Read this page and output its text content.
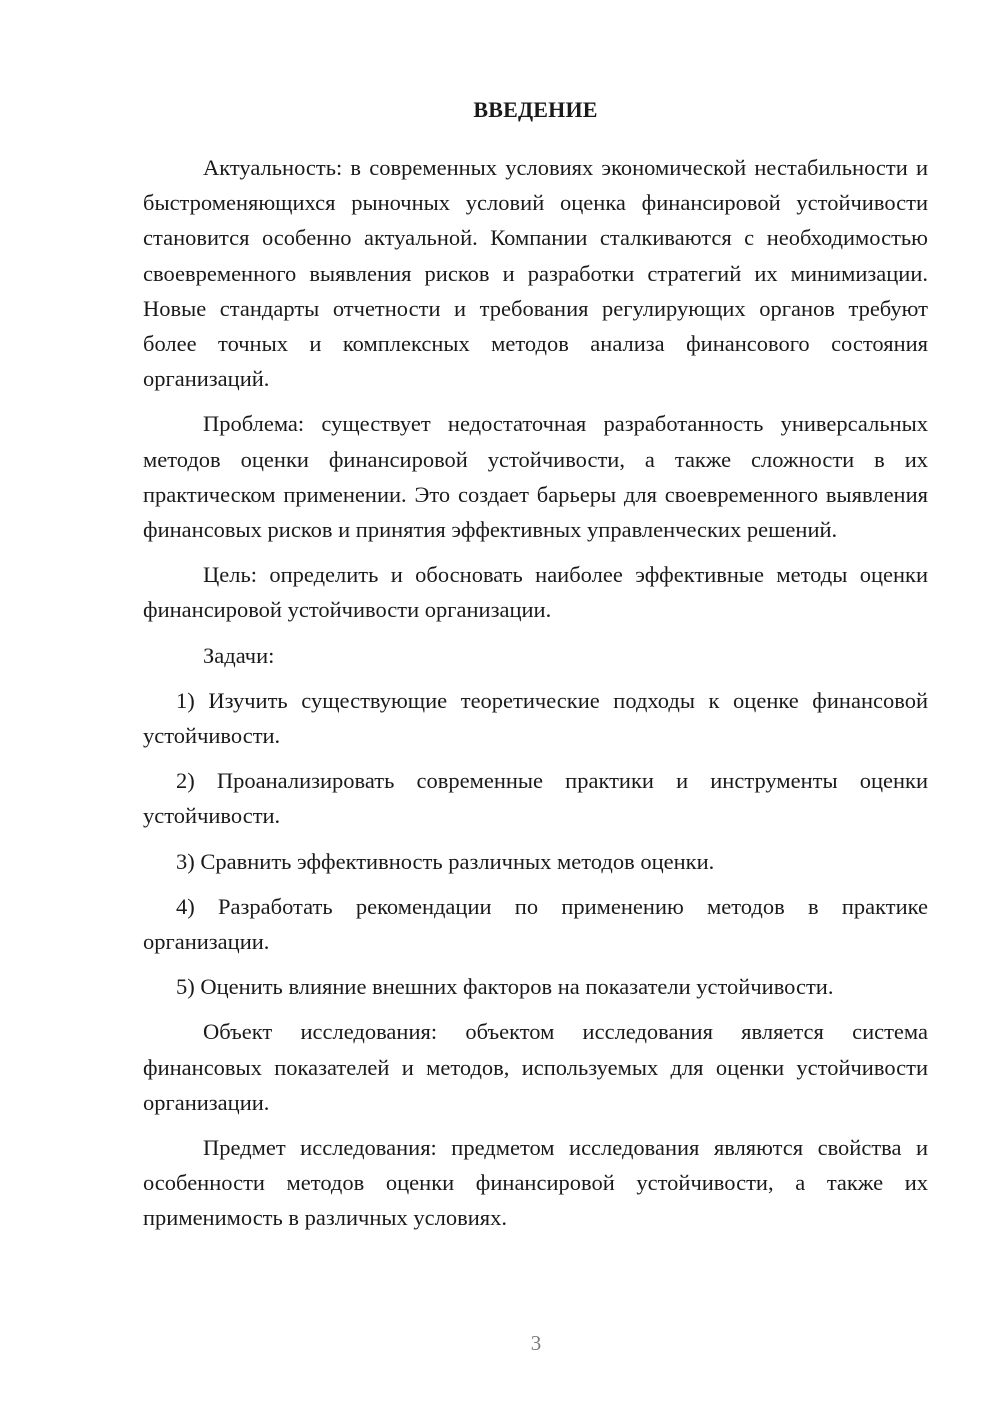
ВВЕДЕНИЕ

Актуальность: в современных условиях экономической нестабильности и быстроменяющихся рыночных условий оценка финансировой устойчивости становится особенно актуальной. Компании сталкиваются с необходимостью своевременного выявления рисков и разработки стратегий их минимизации. Новые стандарты отчетности и требования регулирующих органов требуют более точных и комплексных методов анализа финансового состояния организаций.

Проблема: существует недостаточная разработанность универсальных методов оценки финансировой устойчивости, а также сложности в их практическом применении. Это создает барьеры для своевременного выявления финансовых рисков и принятия эффективных управленческих решений.

Цель: определить и обосновать наиболее эффективные методы оценки финансировой устойчивости организации.

Задачи:

1) Изучить существующие теоретические подходы к оценке финансовой устойчивости.

2) Проанализировать современные практики и инструменты оценки устойчивости.

3) Сравнить эффективность различных методов оценки.

4) Разработать рекомендации по применению методов в практике организации.

5) Оценить влияние внешних факторов на показатели устойчивости.

Объект исследования: объектом исследования является система финансовых показателей и методов, используемых для оценки устойчивости организации.

Предмет исследования: предметом исследования являются свойства и особенности методов оценки финансировой устойчивости, а также их применимость в различных условиях.

3
